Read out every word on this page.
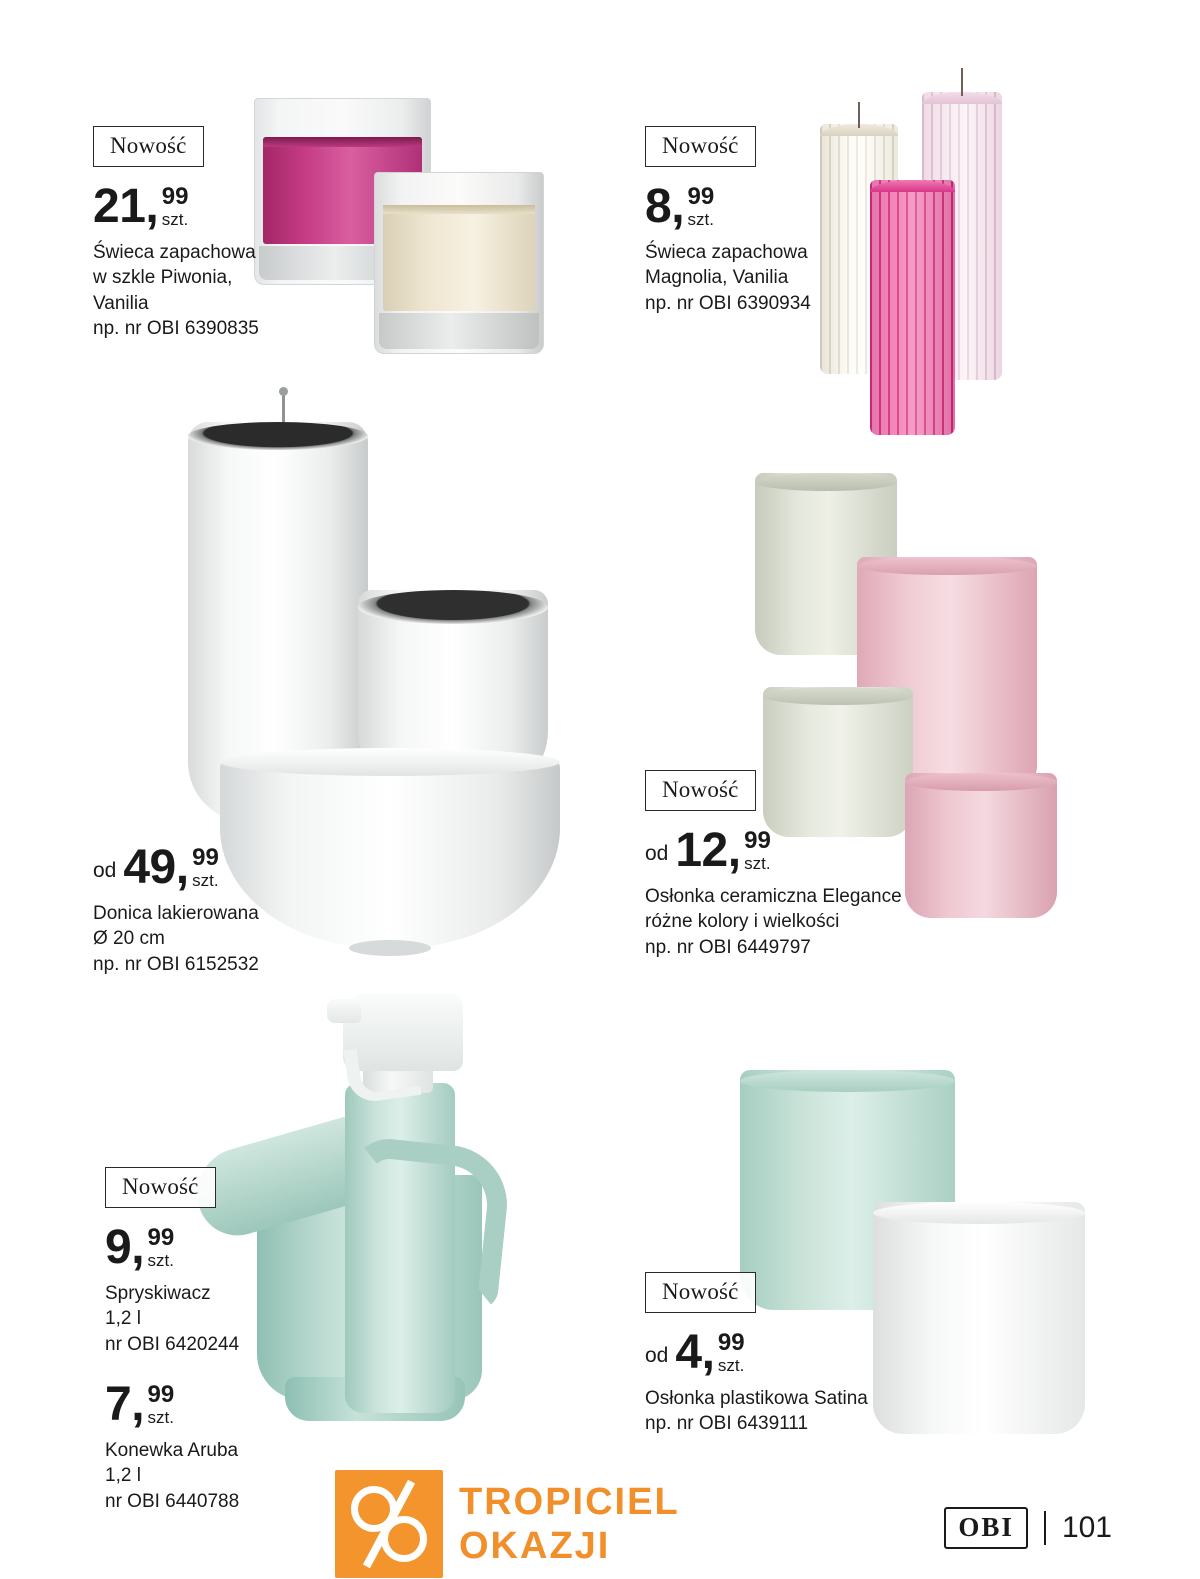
Nowość
21 , 99
szt.
Świeca zapachowa
w szkle Piwonia,
Vanilia
np. nr OBI 6390835
Nowość
8 , 99
szt.
Świeca zapachowa
Magnolia, Vanilia
np. nr OBI 6390934
od 49 , 99
szt.
Donica lakierowana
Ø 20 cm
np. nr OBI 6152532
Nowość
od 12 , 99
szt.
Osłonka ceramiczna Elegance
różne kolory i wielkości
np. nr OBI 6449797
Nowość
9 , 99
szt.
Spryskiwacz
1,2 l
nr OBI 6420244
7 , 99
szt.
Konewka Aruba
1,2 l
nr OBI 6440788
Nowość
od 4 , 99
szt.
Osłonka plastikowa Satina
np. nr OBI 6439111
TROPICIEL
OKAZJI	OBI	101
